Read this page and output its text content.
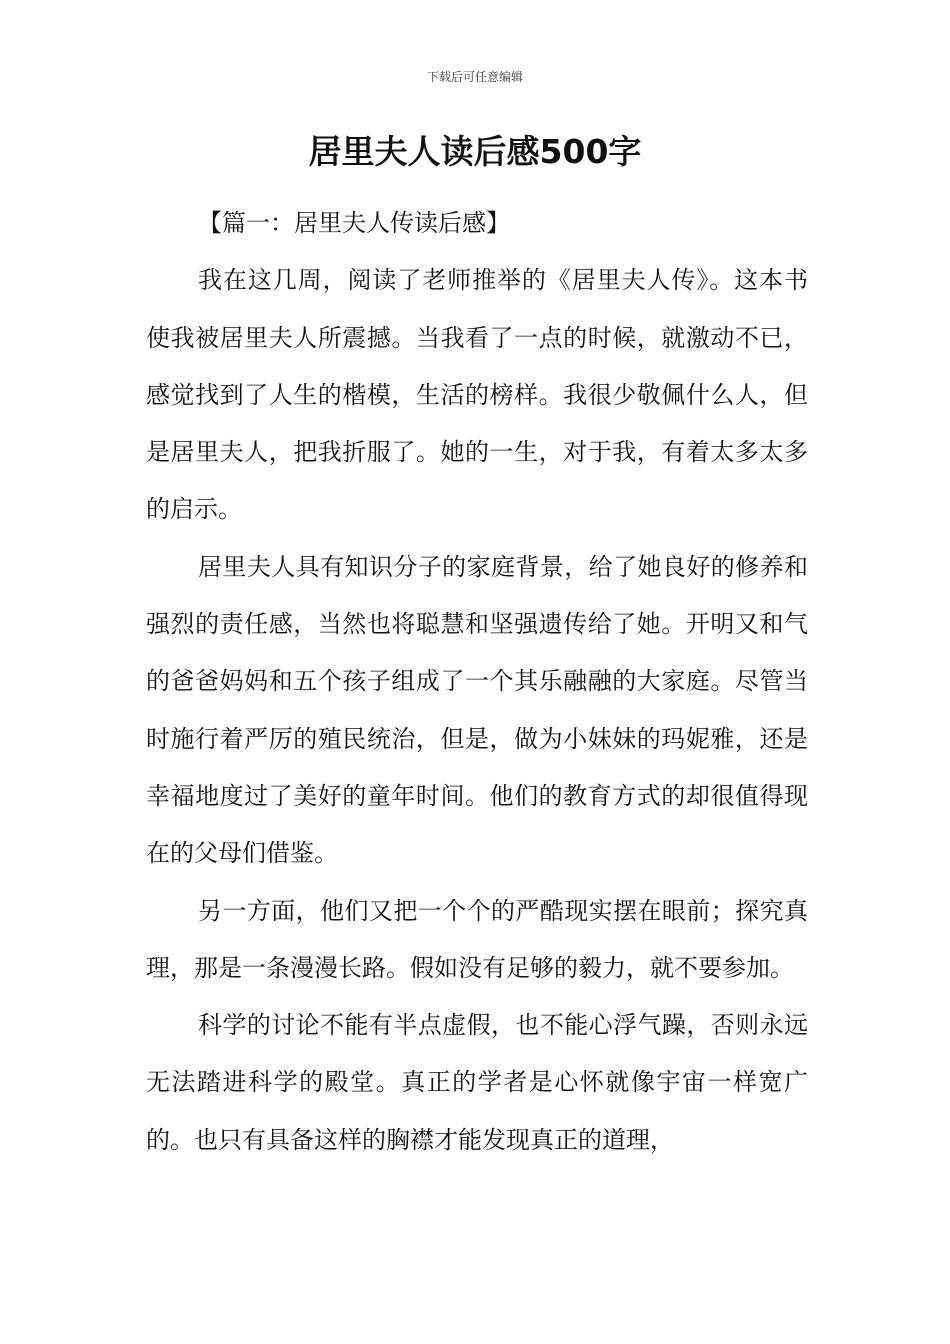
下载后可任意编辑
居里夫人读后感500字

【篇一：居里夫人传读后感】

我在这几周，阅读了老师推举的《居里夫人传》。这本书使我被居里夫人所震撼。当我看了一点的时候，就激动不已，感觉找到了人生的楷模，生活的榜样。我很少敬佩什么人，但是居里夫人，把我折服了。她的一生，对于我，有着太多太多的启示。

居里夫人具有知识分子的家庭背景，给了她良好的修养和强烈的责任感，当然也将聪慧和坚强遗传给了她。开明又和气的爸爸妈妈和五个孩子组成了一个其乐融融的大家庭。尽管当时施行着严厉的殖民统治，但是，做为小妹妹的玛妮雅，还是幸福地度过了美好的童年时间。他们的教育方式的却很值得现在的父母们借鉴。

另一方面，他们又把一个个的严酷现实摆在眼前；探究真理，那是一条漫漫长路。假如没有足够的毅力，就不要参加。

科学的讨论不能有半点虚假，也不能心浮气躁，否则永远无法踏进科学的殿堂。真正的学者是心怀就像宇宙一样宽广的。也只有具备这样的胸襟才能发现真正的道理，
